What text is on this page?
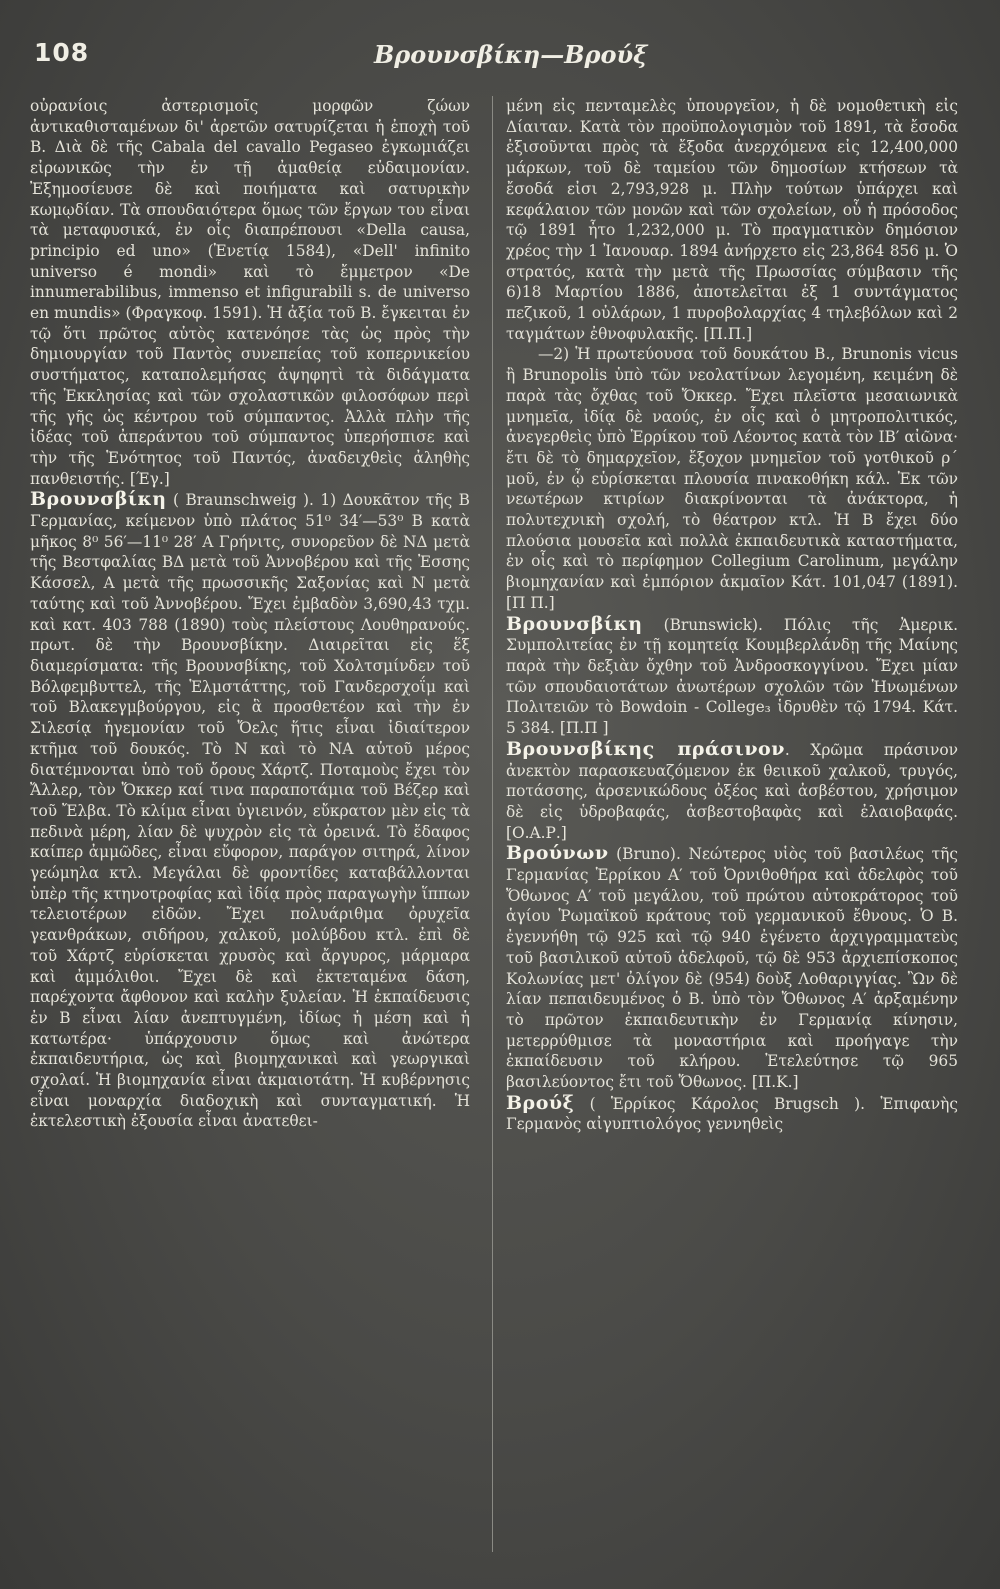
108	Βρουνσβίκη—Βρούξ

οὐρανίοις ἀστερισμοῖς μορφῶν ζώων ἀντικαθισταμένων δι' ἀρετῶν σατυρίζεται ἡ ἐποχὴ τοῦ Β. Διὰ δὲ τῆς Cabala del cavallo Pegaseo ἐγκωμιάζει εἰρωνικῶς τὴν ἐν τῇ ἀμαθείᾳ εὐδαιμονίαν. Ἐξημοσίευσε δὲ καὶ ποιήματα καὶ σατυρικὴν κωμῳδίαν. Τὰ σπουδαιότερα ὅμως τῶν ἔργων του εἶναι τὰ μεταφυσικά, ἐν οἷς διαπρέπουσι «Della causa, principio ed uno» (Ἐνετίᾳ 1584), «Dell' infinito universo é mondi» καὶ τὸ ἔμμετρον «De innumerabilibus, immenso et infigurabili s. de universo en mundis» (Φραγκοφ. 1591). Ἡ ἀξία τοῦ Β. ἔγκειται ἐν τῷ ὅτι πρῶτος αὐτὸς κατενόησε τὰς ὡς πρὸς τὴν δημιουργίαν τοῦ Παντὸς συνεπείας τοῦ κοπερνικείου συστήματος, καταπολεμήσας ἀψηφητὶ τὰ διδάγματα τῆς Ἐκκλησίας καὶ τῶν σχολαστικῶν φιλοσόφων περὶ τῆς γῆς ὡς κέντρου τοῦ σύμπαντος. Ἀλλὰ πλὴν τῆς ἰδέας τοῦ ἀπεράντου τοῦ σύμπαντος ὑπερήσπισε καὶ τὴν τῆς Ἑνότητος τοῦ Παντός, ἀναδειχθεὶς ἀληθὴς πανθειστής. [Έγ.]

Βρουνσβίκη ( Braunschweig ). 1) Δουκᾶτον τῆς Β Γερμανίας, κείμενον ὑπὸ πλάτος 51⁰ 34′—53⁰ Β κατὰ μῆκος 8⁰ 56′—11⁰ 28′ Α Γρήνιτς, συνορεῦον δὲ ΝΔ μετὰ τῆς Βεστφαλίας ΒΔ μετὰ τοῦ Ἀννοβέρου καὶ τῆς Ἐσσης Κάσσελ, Α μετὰ τῆς πρωσσικῆς Σαξονίας καὶ Ν μετὰ ταύτης καὶ τοῦ Ἀννοβέρου. Ἔχει ἐμβαδὸν 3,690,43 τχμ. καὶ κατ. 403 788 (1890) τοὺς πλείστους Λουθηρανούς. πρωτ. δὲ τὴν Βρουνσβίκην. Διαιρεῖται εἰς ἕξ διαμερίσματα: τῆς Βρουνσβίκης, τοῦ Χολτσμίνδεν τοῦ Βόλφεμβυττελ, τῆς Ἑλμστάττης, τοῦ Γανδερσχοΐμ καὶ τοῦ Βλακεγμβούργου, εἰς ἃ προσθετέον καὶ τὴν ἐν Σιλεσίᾳ ἡγεμονίαν τοῦ Ὄελς ἥτις εἶναι ἰδιαίτερον κτῆμα τοῦ δουκός. Τὸ Ν καὶ τὸ ΝΑ αὐτοῦ μέρος διατέμνονται ὑπὸ τοῦ ὄρους Χάρτζ. Ποταμοὺς ἔχει τὸν Ἄλλερ, τὸν Ὄκκερ καί τινα παραποτάμια τοῦ Βέζερ καὶ τοῦ Ἔλβα. Τὸ κλίμα εἶναι ὑγιεινόν, εὔκρατον μὲν εἰς τὰ πεδινὰ μέρη, λίαν δὲ ψυχρὸν εἰς τὰ ὀρεινά. Τὸ ἔδαφος καίπερ ἀμμῶδες, εἶναι εὔφορον, παράγον σιτηρά, λίνον γεώμηλα κτλ. Μεγάλαι δὲ φροντίδες καταβάλλονται ὑπὲρ τῆς κτηνοτροφίας καὶ ἰδίᾳ πρὸς παραγωγὴν ἵππων τελειοτέρων εἰδῶν. Ἔχει πολυάριθμα ὀρυχεῖα γεανθράκων, σιδήρου, χαλκοῦ, μολύβδου κτλ. ἐπὶ δὲ τοῦ Χάρτζ εὑρίσκεται χρυσὸς καὶ ἄργυρος, μάρμαρα καὶ ἀμμόλιθοι. Ἔχει δὲ καὶ ἐκτεταμένα δάση, παρέχοντα ἄφθονον καὶ καλὴν ξυλείαν. Ἡ ἐκπαίδευσις ἐν Β εἶναι λίαν ἀνεπτυγμένη, ἰδίως ἡ μέση καὶ ἡ κατωτέρα· ὑπάρχουσιν ὅμως καὶ ἀνώτερα ἐκπαιδευτήρια, ὡς καὶ βιομηχανικαὶ καὶ γεωργικαὶ σχολαί. Ἡ βιομηχανία εἶναι ἀκμαιοτάτη. Ἡ κυβέρνησις εἶναι μοναρχία διαδοχικὴ καὶ συνταγματική. Ἡ ἐκτελεστικὴ ἐξουσία εἶναι ἀνατεθει-

μένη εἰς πενταμελὲς ὑπουργεῖον, ἡ δὲ νομοθετικὴ εἰς Δίαιταν. Κατὰ τὸν προϋπολογισμὸν τοῦ 1891, τὰ ἔσοδα ἐξισοῦνται πρὸς τὰ ἔξοδα ἀνερχόμενα εἰς 12,400,000 μάρκων, τοῦ δὲ ταμείου τῶν δημοσίων κτήσεων τὰ ἔσοδά εἰσι 2,793,928 μ. Πλὴν τούτων ὑπάρχει καὶ κεφάλαιον τῶν μονῶν καὶ τῶν σχολείων, οὗ ἡ πρόσοδος τῷ 1891 ἦτο 1,232,000 μ. Τὸ πραγματικὸν δημόσιον χρέος τὴν 1 Ἰανουαρ. 1894 ἀνήρχετο εἰς 23,864 856 μ. Ὁ στρατός, κατὰ τὴν μετὰ τῆς Πρωσσίας σύμβασιν τῆς 6)18 Μαρτίου 1886, ἀποτελεῖται ἐξ 1 συντάγματος πεζικοῦ, 1 οὐλάρων, 1 πυροβολαρχίας 4 τηλεβόλων καὶ 2 ταγμάτων ἐθνοφυλακῆς. [Π.Π.]

—2) Ἡ πρωτεύουσα τοῦ δουκάτου Β., Brunonis vicus ἢ Brunopolis ὑπὸ τῶν νεολατίνων λεγομένη, κειμένη δὲ παρὰ τὰς ὄχθας τοῦ Ὄκκερ. Ἔχει πλεῖστα μεσαιωνικὰ μνημεῖα, ἰδίᾳ δὲ ναούς, ἐν οἷς καὶ ὁ μητροπολιτικός, ἀνεγερθεὶς ὑπὸ Ἑρρίκου τοῦ Λέοντος κατὰ τὸν ΙΒ′ αἰῶνα· ἔτι δὲ τὸ δημαρχεῖον, ἔξοχον μνημεῖον τοῦ γοτθικοῦ ρ΄ μοῦ, ἐν ᾧ εὑρίσκεται πλουσία πινακοθήκη κάλ. Ἐκ τῶν νεωτέρων κτιρίων διακρίνονται τὰ ἀνάκτορα, ἡ πολυτεχνικὴ σχολή, τὸ θέατρον κτλ. Ἡ Β ἔχει δύο πλούσια μουσεῖα καὶ πολλὰ ἐκπαιδευτικὰ καταστήματα, ἐν οἷς καὶ τὸ περίφημον Collegium Carolinum, μεγάλην βιομηχανίαν καὶ ἐμπόριον ἀκμαῖον Κάτ. 101,047 (1891). [Π Π.]

Βρουνσβίκη (Brunswick). Πόλις τῆς Ἀμερικ. Συμπολιτείας ἐν τῇ κομητείᾳ Κουμβερλάνδῃ τῆς Μαίνης παρὰ τὴν δεξιὰν ὄχθην τοῦ Ἀνδροσκογγίνου. Ἔχει μίαν τῶν σπουδαιοτάτων ἀνωτέρων σχολῶν τῶν Ἡνωμένων Πολιτειῶν τὸ Bowdoin - College₃ ἱδρυθὲν τῷ 1794. Κάτ. 5 384. [Π.Π ]

Βρουνσβίκης πράσινον. Χρῶμα πράσινον ἀνεκτὸν παρασκευαζόμενον ἐκ θειικοῦ χαλκοῦ, τρυγός, ποτάσσης, ἀρσενικώδους ὀξέος καὶ ἀσβέστου, χρήσιμον δὲ εἰς ὑδροβαφάς, ἀσβεστοβαφὰς καὶ ἐλαιοβαφάς. [Ο.Α.Ρ.]

Βρούνων (Bruno). Νεώτερος υἱὸς τοῦ βασιλέως τῆς Γερμανίας Ἑρρίκου Α′ τοῦ Ὀρνιθοθήρα καὶ ἀδελφὸς τοῦ Ὄθωνος Α′ τοῦ μεγάλου, τοῦ πρώτου αὐτοκράτορος τοῦ ἁγίου Ῥωμαϊκοῦ κράτους τοῦ γερμανικοῦ ἔθνους. Ὁ Β. ἐγεννήθη τῷ 925 καὶ τῷ 940 ἐγένετο ἀρχιγραμματεὺς τοῦ βασιλικοῦ αὐτοῦ ἀδελφοῦ, τῷ δὲ 953 ἀρχιεπίσκοπος Κολωνίας μετ' ὀλίγον δὲ (954) δοὺξ Λοθαριγγίας. Ὢν δὲ λίαν πεπαιδευμένος ὁ Β. ὑπὸ τὸν Ὄθωνος Α′ ἀρξαμένην τὸ πρῶτον ἐκπαιδευτικὴν ἐν Γερμανίᾳ κίνησιν, μετερρύθμισε τὰ μοναστήρια καὶ προήγαγε τὴν ἐκπαίδευσιν τοῦ κλήρου. Ἐτελεύτησε τῷ 965 βασιλεύοντος ἔτι τοῦ Ὄθωνος. [Π.Κ.]

Βρούξ ( Ἑρρίκος Κάρολος Brugsch ). Ἐπιφανὴς Γερμανὸς αἰγυπτιολόγος γεννηθεὶς
